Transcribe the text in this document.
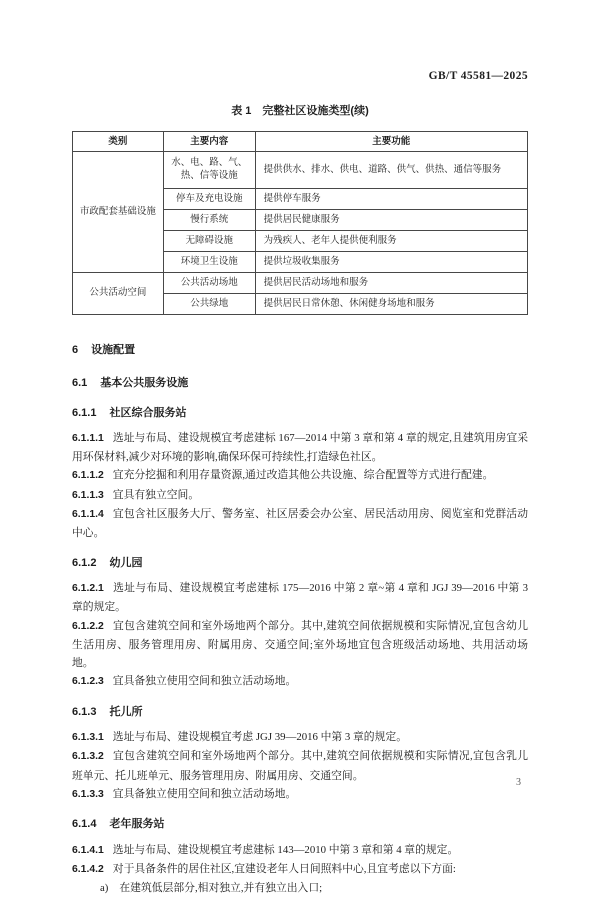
GB/T 45581—2025
表 1 完整社区设施类型(续)
类别	主要内容	主要功能
市政配套基础设施	水、电、路、气、热、信等设施	提供供水、排水、供电、道路、供气、供热、通信等服务
	停车及充电设施	提供停车服务
	慢行系统	提供居民健康服务
	无障碍设施	为残疾人、老年人提供便利服务
	环境卫生设施	提供垃圾收集服务
公共活动空间	公共活动场地	提供居民活动场地和服务
	公共绿地	提供居民日常休憩、休闲健身场地和服务
6 设施配置
6.1 基本公共服务设施
6.1.1 社区综合服务站

6.1.1.1 选址与布局、建设规模宜考虑建标 167—2014 中第 3 章和第 4 章的规定,且建筑用房宜采用环保材料,减少对环境的影响,确保环保可持续性,打造绿色社区。

6.1.1.2 宜充分挖掘和利用存量资源,通过改造其他公共设施、综合配置等方式进行配建。

6.1.1.3 宜具有独立空间。

6.1.1.4 宜包含社区服务大厅、警务室、社区居委会办公室、居民活动用房、阅览室和党群活动中心。

6.1.2 幼儿园

6.1.2.1 选址与布局、建设规模宜考虑建标 175—2016 中第 2 章~第 4 章和 JGJ 39—2016 中第 3 章的规定。

6.1.2.2 宜包含建筑空间和室外场地两个部分。其中,建筑空间依据规模和实际情况,宜包含幼儿生活用房、服务管理用房、附属用房、交通空间;室外场地宜包含班级活动场地、共用活动场地。

6.1.2.3 宜具备独立使用空间和独立活动场地。

6.1.3 托儿所

6.1.3.1 选址与布局、建设规模宜考虑 JGJ 39—2016 中第 3 章的规定。

6.1.3.2 宜包含建筑空间和室外场地两个部分。其中,建筑空间依据规模和实际情况,宜包含乳儿班单元、托儿班单元、服务管理用房、附属用房、交通空间。

6.1.3.3 宜具备独立使用空间和独立活动场地。

6.1.4 老年服务站

6.1.4.1 选址与布局、建设规模宜考虑建标 143—2010 中第 3 章和第 4 章的规定。

6.1.4.2 对于具备条件的居住社区,宜建设老年人日间照料中心,且宜考虑以下方面:

a) 在建筑低层部分,相对独立,并有独立出入口;
3
